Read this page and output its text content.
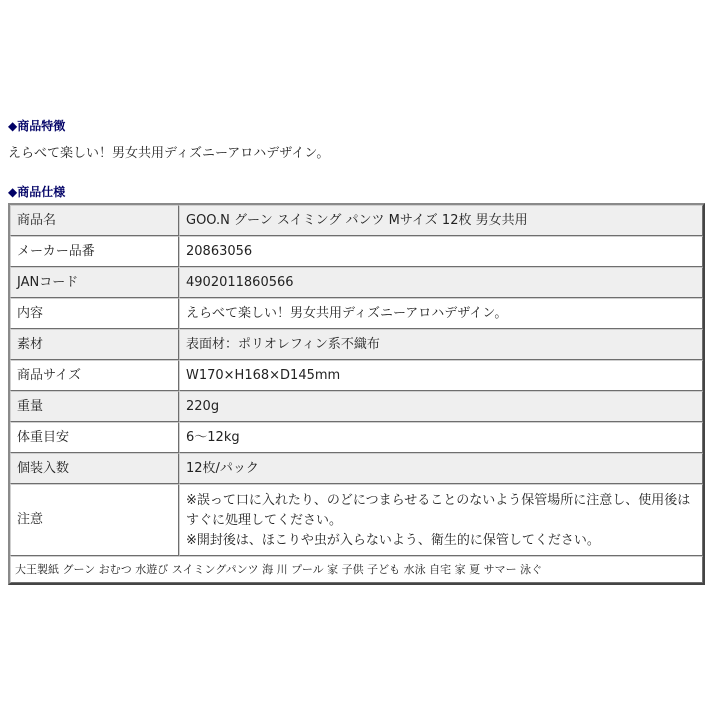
◆商品特徴

えらべて楽しい！男女共用ディズニーアロハデザイン。

◆商品仕様
商品名	GOO.N グーン スイミング パンツ Mサイズ 12枚 男女共用
メーカー品番	20863056
JANコード	4902011860566
内容	えらべて楽しい！男女共用ディズニーアロハデザイン。
素材	表面材：ポリオレフィン系不織布
商品サイズ	W170×H168×D145mm
重量	220g
体重目安	6～12kg
個装入数	12枚/パック
注意	※誤って口に入れたり、のどにつまらせることのないよう保管場所に注意し、使用後は
すぐに処理してください。
※開封後は、ほこりや虫が入らないよう、衛生的に保管してください。

大王製紙 グーン おむつ 水遊び スイミングパンツ 海 川 プール 家 子供 子ども 水泳 自宅 家 夏 サマー 泳ぐ	
